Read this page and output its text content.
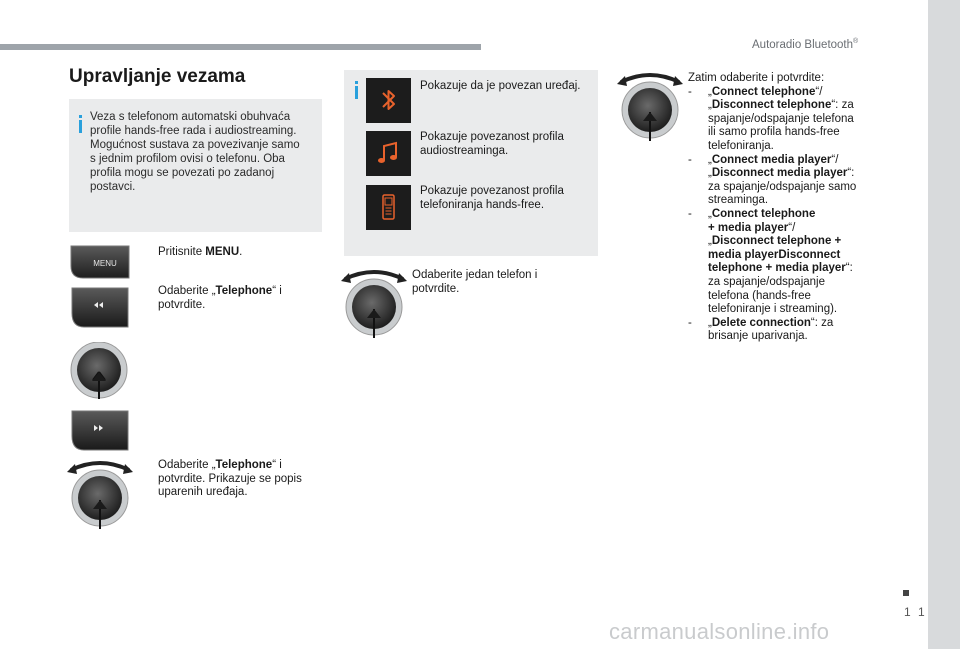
Autoradio Bluetooth®
Upravljanje vezama
Veza s telefonom automatski obuhvaća
profile hands-free rada i audiostreaming.
Mogućnost sustava za povezivanje samo
s jednim profilom ovisi o telefonu. Oba
profila mogu se povezati po zadanoj
postavci.
MENU
Pritisnite MENU.
Odaberite „Telephone“ i
potvrdite.
Odaberite „Telephone“ i
potvrdite. Prikazuje se popis
uparenih uređaja.
Pokazuje da je povezan uređaj.
Pokazuje povezanost profila
audiostreaminga.
Pokazuje povezanost profila
telefoniranja hands-free.
Odaberite jedan telefon i
potvrdite.
Zatim odaberite i potvrdite:
- „Connect telephone“/
„Disconnect telephone“: za
spajanje/odspajanje telefona
ili samo profila hands-free
telefoniranja.
- „Connect media player“/
„Disconnect media player“:
za spajanje/odspajanje samo
streaminga.
- „Connect telephone
+ media player“/
„Disconnect telephone +
media playerDisconnect
telephone + media player“:
za spajanje/odspajanje
telefona (hands-free
telefoniranje i streaming).
- „Delete connection“: za
brisanje uparivanja.
1 1
carmanualsonline.info
